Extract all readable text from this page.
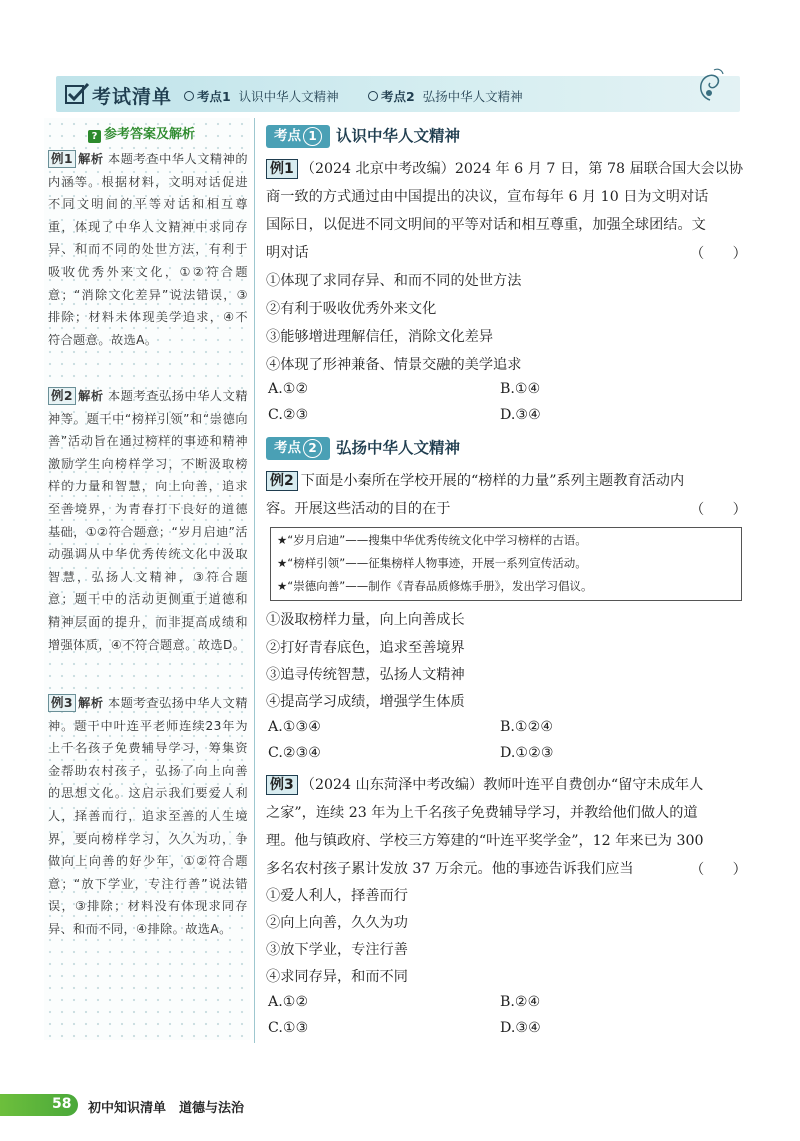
考试清单	考点1 认识中华人文精神	考点2 弘扬中华人文精神
? 参考答案及解析
例1 解析 本题考查中华人文精神的内涵等。根据材料，文明对话促进不同文明间的平等对话和相互尊重，体现了中华人文精神中求同存异、和而不同的处世方法，有利于吸收优秀外来文化，①②符合题意；“消除文化差异”说法错误，③排除；材料未体现美学追求，④不符合题意。故选A。
例2 解析 本题考查弘扬中华人文精神等。题干中“榜样引领”和“崇德向善”活动旨在通过榜样的事迹和精神激励学生向榜样学习，不断汲取榜样的力量和智慧，向上向善，追求至善境界，为青春打下良好的道德基础，①②符合题意；“岁月启迪”活动强调从中华优秀传统文化中汲取智慧，弘扬人文精神，③符合题意；题干中的活动更侧重于道德和精神层面的提升，而非提高成绩和增强体质，④不符合题意。故选D。
例3 解析 本题考查弘扬中华人文精神。题干中叶连平老师连续23年为上千名孩子免费辅导学习，筹集资金帮助农村孩子，弘扬了向上向善的思想文化。这启示我们要爱人利人，择善而行，追求至善的人生境界，要向榜样学习，久久为功，争做向上向善的好少年，①②符合题意；“放下学业，专注行善”说法错误，③排除；材料没有体现求同存异、和而不同，④排除。故选A。
考点 1 认识中华人文精神
例1 （2024 北京中考改编）2024 年 6 月 7 日，第 78 届联合国大会以协
商一致的方式通过由中国提出的决议，宣布每年 6 月 10 日为文明对话
国际日，以促进不同文明间的平等对话和相互尊重，加强全球团结。文
明对话	（　　）
①体现了求同存异、和而不同的处世方法
②有利于吸收优秀外来文化
③能够增进理解信任，消除文化差异
④体现了形神兼备、情景交融的美学追求
A.①②	B.①④
C.②③	D.③④
考点 2 弘扬中华人文精神
例2 下面是小秦所在学校开展的“榜样的力量”系列主题教育活动内
容。开展这些活动的目的在于	（　　）
★“岁月启迪”——搜集中华优秀传统文化中学习榜样的古语。
★“榜样引领”——征集榜样人物事迹，开展一系列宣传活动。
★“崇德向善”——制作《青春品质修炼手册》，发出学习倡议。
①汲取榜样力量，向上向善成长
②打好青春底色，追求至善境界
③追寻传统智慧，弘扬人文精神
④提高学习成绩，增强学生体质
A.①③④	B.①②④
C.②③④	D.①②③
例3 （2024 山东菏泽中考改编）教师叶连平自费创办“留守未成年人
之家”，连续 23 年为上千名孩子免费辅导学习，并教给他们做人的道
理。他与镇政府、学校三方筹建的“叶连平奖学金”，12 年来已为 300
多名农村孩子累计发放 37 万余元。他的事迹告诉我们应当	（　　）
①爱人利人，择善而行
②向上向善，久久为功
③放下学业，专注行善
④求同存异，和而不同
A.①②	B.②④
C.①③	D.③④
58 初中知识清单　道德与法治
